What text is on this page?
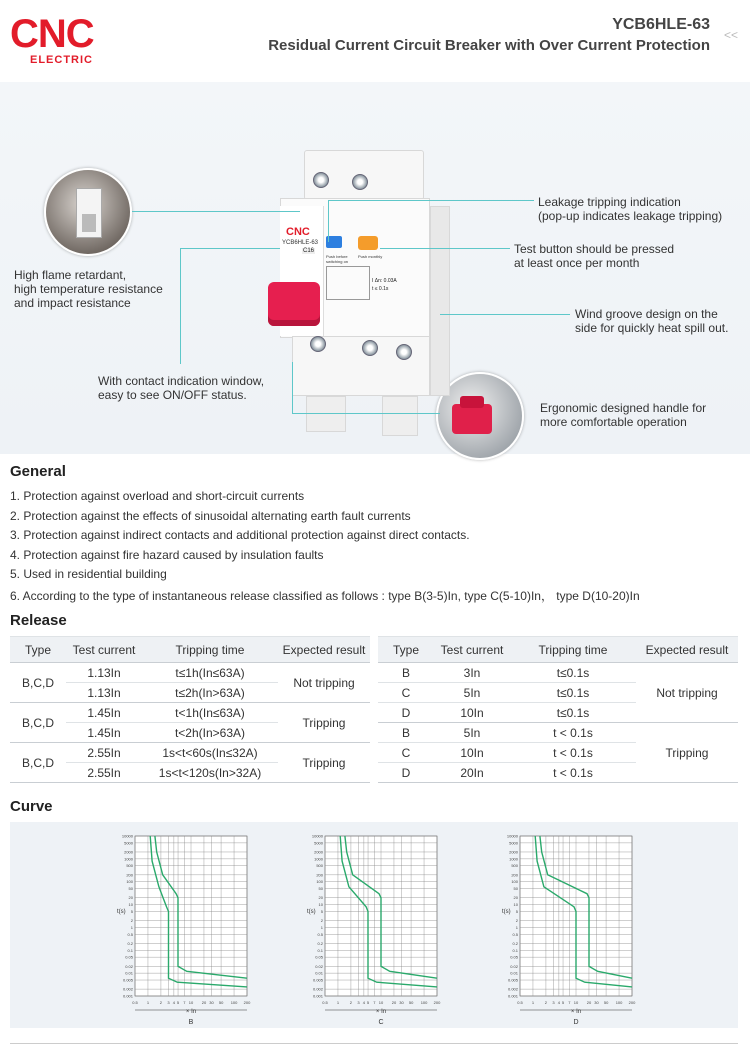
CNC
ELECTRIC
YCB6HLE-63
Residual Current Circuit Breaker with Over Current Protection
<<
CNC
YCB6HLE-63
C16
Push before
switching on
Push monthly
I Δn: 0.03A
t ≤ 0.1s
High flame retardant,
high temperature resistance
and impact resistance
With contact indication window,
easy to see ON/OFF status.
Leakage tripping indication
(pop-up indicates leakage tripping)
Test button should be pressed
at least once per month
Wind groove design on the
side for quickly heat spill out.
Ergonomic designed handle for
more comfortable operation
General
1. Protection against overload and short-circuit currents
2. Protection against the effects of sinusoidal alternating earth fault currents
3. Protection against indirect contacts and additional protection against direct contacts.
4. Protection against fire hazard caused by insulation faults
5. Used in residential building
6. According to the type of instantaneous release classified as follows : type B(3-5)In, type C(5-10)In， type D(10-20)In
Release
Type	Test current	Tripping time	Expected result
B,C,D	1.13In	t≤1h(In≤63A)	Not tripping
	1.13In	t≤2h(In>63A)	
B,C,D	1.45In	t<1h(In≤63A)	Tripping
	1.45In	t<2h(In>63A)	
B,C,D	2.55In	1s<t<60s(In≤32A)	Tripping
	2.55In	1s<t<120s(In>32A)	
Type	Test current	Tripping time	Expected result
B	3In	t≤0.1s	Not tripping
C	5In	t≤0.1s	
D	10In	t≤0.1s	
B	5In	t < 0.1s	Tripping
C	10In	t < 0.1s	
D	20In	t < 0.1s	
Curve
0.5 1	2 3 4 5 7 10 20 30 50 100 200
10000
5000
2000
1000
500
200
100
50
20
10
5
2
1
0.5
0.2
0.1
0.05
0.02
0.01
0.005
0.002
0.001
t(s)
× In
B
0.5 1	2 3 4 5 7 10 20 30 50 100 200
10000
5000
2000
1000
500
200
100
50
20
10
5
2
1
0.5
0.2
0.1
0.05
0.02
0.01
0.005
0.002
0.001
t(s)
× In
C
0.5 1	2 3 4 5 7 10 20 30 50 100 200
10000
5000
2000
1000
500
200
100
50
20
10
5
2
1
0.5
0.2
0.1
0.05
0.02
0.01
0.005
0.002
0.001
t(s)
× In
D
